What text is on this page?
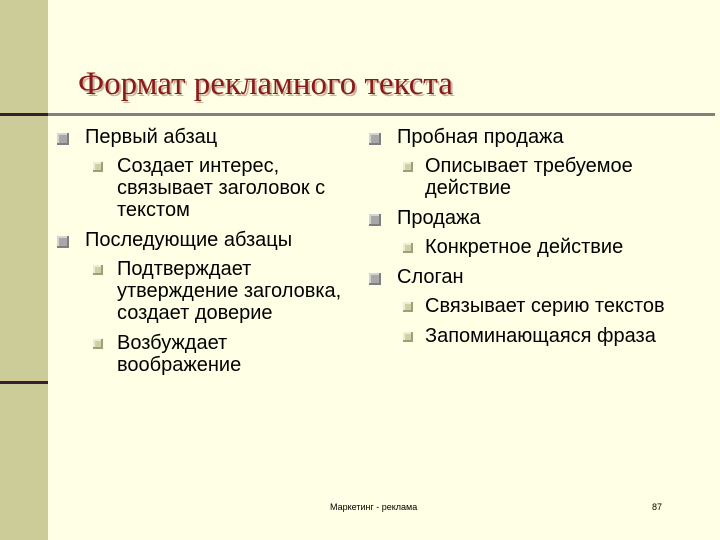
Формат рекламного текста
Первый абзац
Создает интерес, связывает заголовок с текстом
Последующие абзацы
Подтверждает утверждение заголовка, создает доверие
Возбуждает воображение
Пробная продажа
Описывает требуемое действие
Продажа
Конкретное действие
Слоган
Связывает серию текстов
Запоминающаяся фраза
Маркетинг - реклама	87
